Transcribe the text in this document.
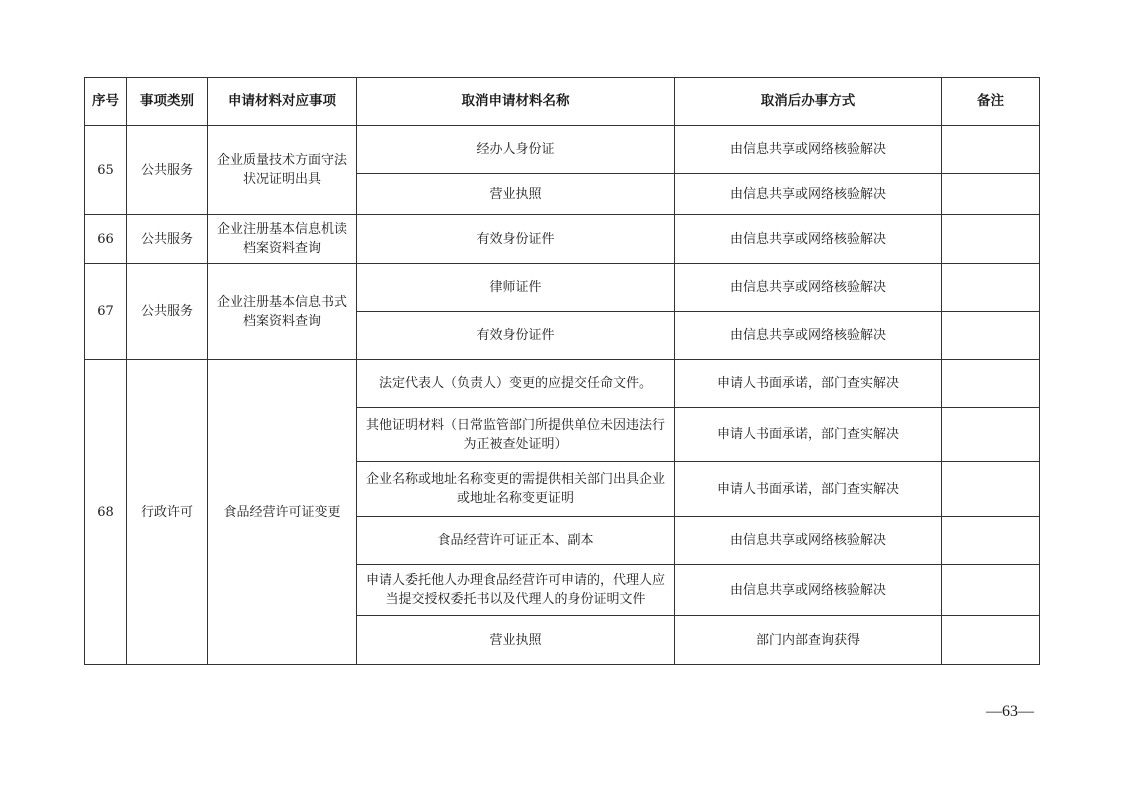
序号	事项类别	申请材料对应事项	取消申请材料名称	取消后办事方式	备注
65	公共服务	企业质量技术方面守法状况证明出具	经办人身份证	由信息共享或网络核验解决	
			营业执照	由信息共享或网络核验解决	
66	公共服务	企业注册基本信息机读档案资料查询	有效身份证件	由信息共享或网络核验解决	
67	公共服务	企业注册基本信息书式档案资料查询	律师证件	由信息共享或网络核验解决	
			有效身份证件	由信息共享或网络核验解决	
68	行政许可	食品经营许可证变更	法定代表人（负责人）变更的应提交任命文件。	申请人书面承诺，部门查实解决	
			其他证明材料（日常监管部门所提供单位未因违法行为正被查处证明）	申请人书面承诺，部门查实解决	
			企业名称或地址名称变更的需提供相关部门出具企业或地址名称变更证明	申请人书面承诺，部门查实解决	
			食品经营许可证正本、副本	由信息共享或网络核验解决	
			申请人委托他人办理食品经营许可申请的，代理人应当提交授权委托书以及代理人的身份证明文件	由信息共享或网络核验解决	
			营业执照	部门内部查询获得	
—63—
